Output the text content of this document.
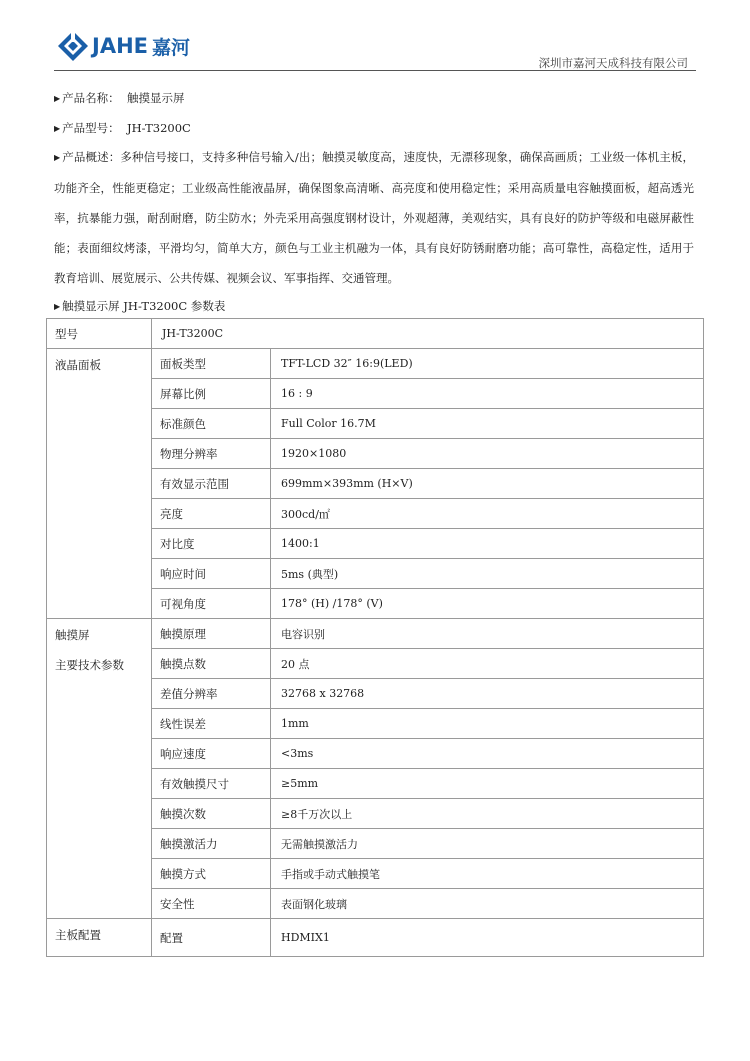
JAHE 嘉河
深圳市嘉河天成科技有限公司
▶ 产品名称： 触摸显示屏
▶ 产品型号： JH-T3200C
▶ 产品概述：多种信号接口，支持多种信号输入/出；触摸灵敏度高，速度快，无漂移现象，确保高画质；工业级一体机主板，功能齐全，性能更稳定；工业级高性能液晶屏，确保图象高清晰、高亮度和使用稳定性；采用高质量电容触摸面板，超高透光率，抗暴能力强，耐刮耐磨，防尘防水；外壳采用高强度钢材设计，外观超薄，美观结实，具有良好的防护等级和电磁屏蔽性能；表面细纹烤漆，平滑均匀，简单大方，颜色与工业主机融为一体，具有良好防锈耐磨功能；高可靠性，高稳定性，适用于教育培训、展览展示、公共传媒、视频会议、军事指挥、交通管理。
▶ 触摸显示屏 JH-T3200C 参数表
型号	JH-T3200C	
液晶面板	面板类型	TFT-LCD 32″ 16:9(LED)
	屏幕比例	16 : 9
	标准颜色	Full Color 16.7M
	物理分辨率	1920×1080
	有效显示范围	699mm×393mm (H×V)
	亮度	300cd/㎡
	对比度	1400:1
	响应时间	5ms (典型)
	可视角度	178° (H) /178° (V)

触摸屏
主要技术参数	触摸原理	电容识别
	触摸点数	20 点
	差值分辨率	32768 x 32768
	线性误差	1mm
	响应速度	<3ms
	有效触摸尺寸	≥5mm
	触摸次数	≥8千万次以上
	触摸激活力	无需触摸激活力
	触摸方式	手指或手动式触摸笔
	安全性	表面钢化玻璃
主板配置	配置	HDMIX1
